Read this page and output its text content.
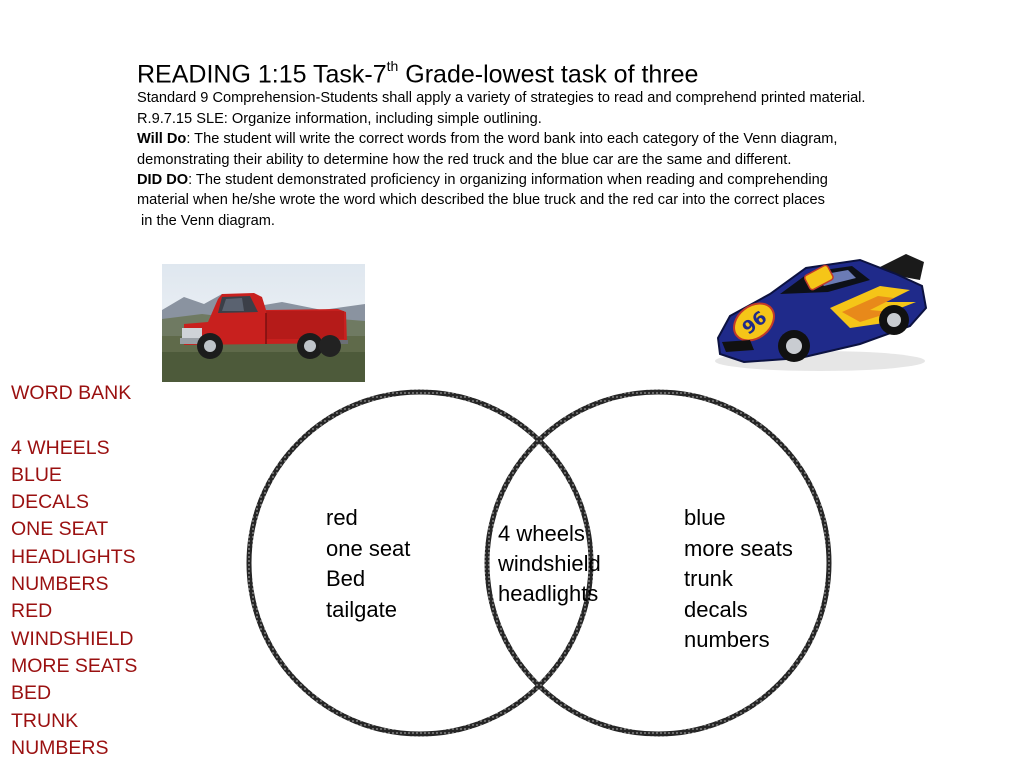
READING 1:15 Task-7th Grade-lowest task of three
Standard 9 Comprehension-Students shall apply a variety of strategies to read and comprehend printed material.
R.9.7.15 SLE: Organize information, including simple outlining.
Will Do: The student will write the correct words from the word bank into each category of the Venn diagram,
demonstrating their ability to determine how the red truck and the blue car are the same and different.
DID DO: The student demonstrated proficiency in organizing information when reading and comprehending
material when he/she wrote the word which described the blue truck and the red car into the correct places
in the Venn diagram.
96
WORD BANK
4 WHEELS
BLUE
DECALS
ONE SEAT
HEADLIGHTS
NUMBERS
RED
WINDSHIELD
MORE SEATS
BED
TRUNK
NUMBERS
red
one seat
Bed
tailgate
4 wheels
windshield
headlights
blue
more seats
trunk
decals
numbers
